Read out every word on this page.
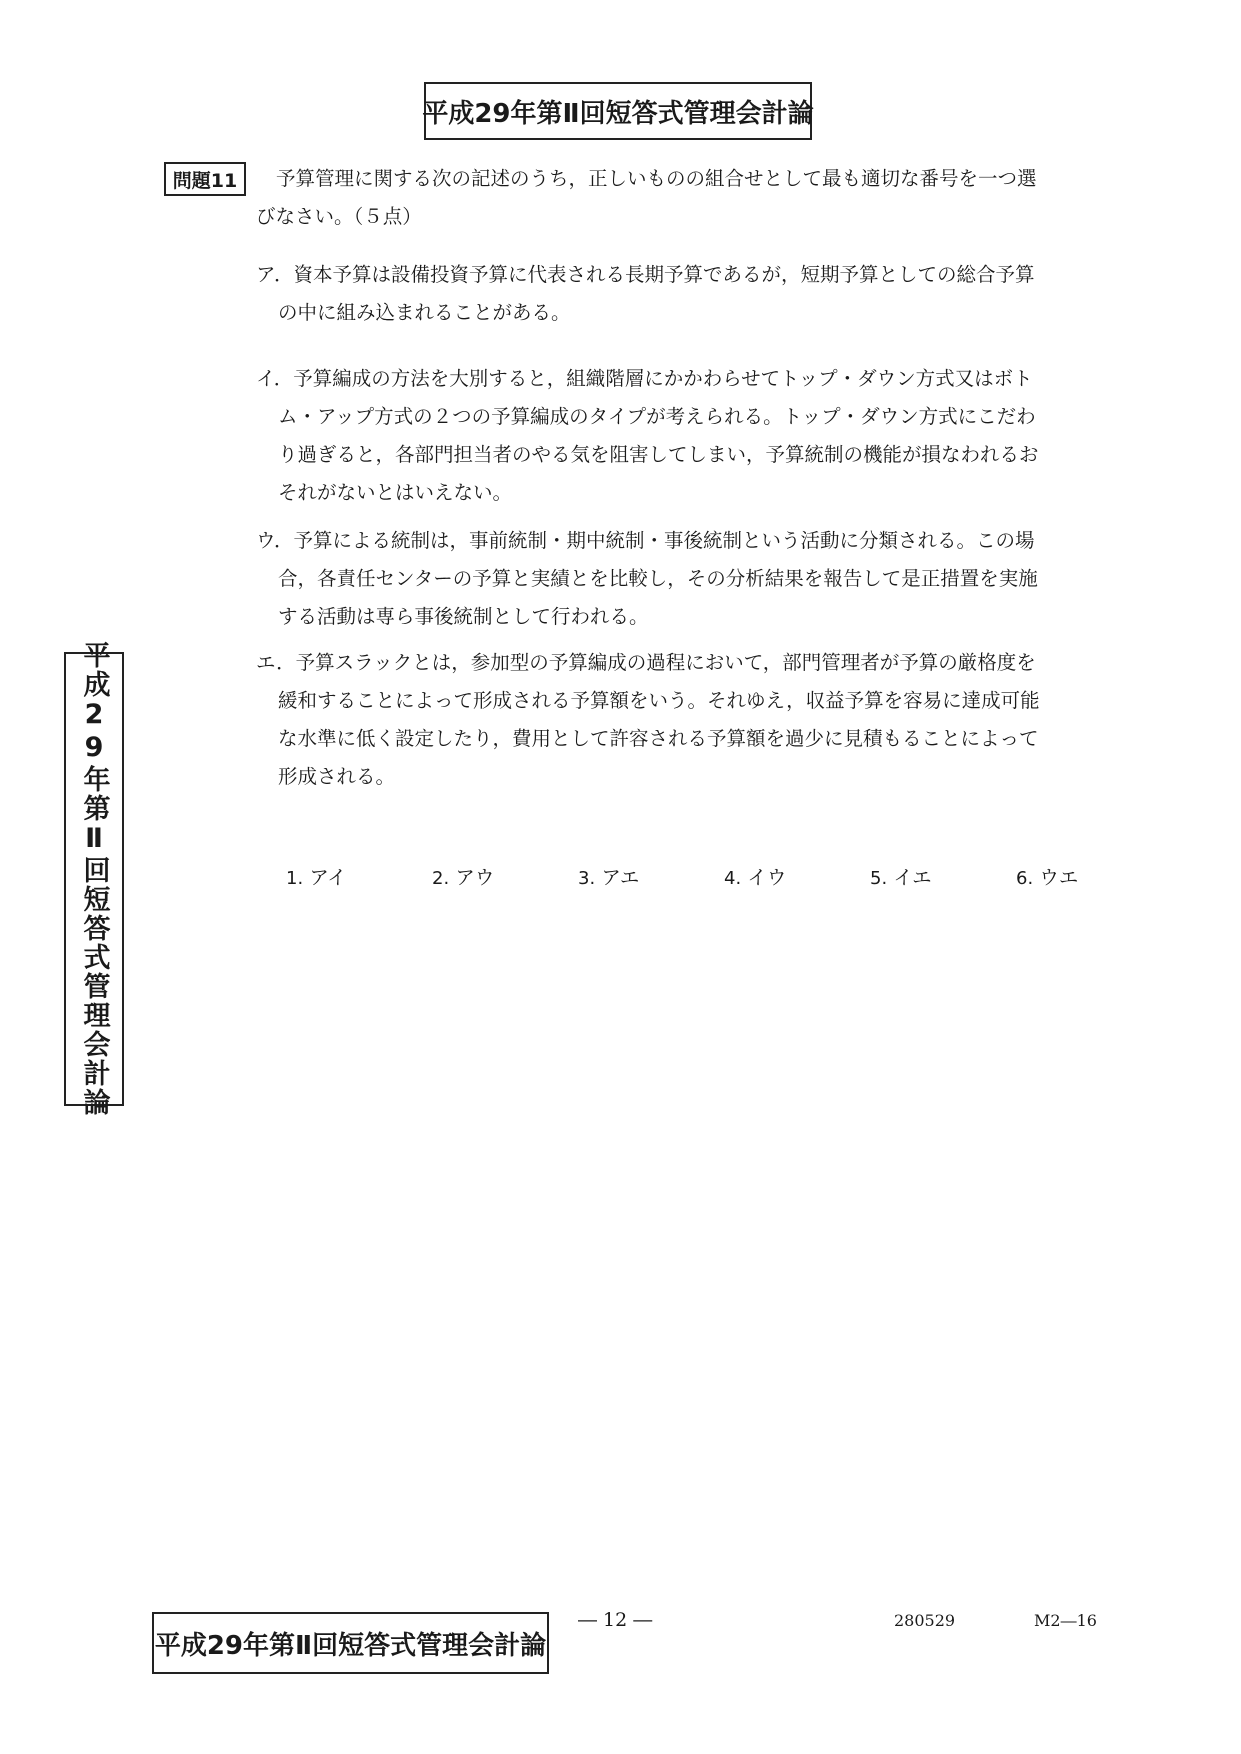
平成29年第Ⅱ回短答式管理会計論
問題11	予算管理に関する次の記述のうち，正しいものの組合せとして最も適切な番号を一つ選
びなさい。（５点）
ア．資本予算は設備投資予算に代表される長期予算であるが，短期予算としての総合予算
の中に組み込まれることがある。
イ．予算編成の方法を大別すると，組織階層にかかわらせてトップ・ダウン方式又はボト
ム・アップ方式の２つの予算編成のタイプが考えられる。トップ・ダウン方式にこだわ
り過ぎると，各部門担当者のやる気を阻害してしまい，予算統制の機能が損なわれるお
それがないとはいえない。
ウ．予算による統制は，事前統制・期中統制・事後統制という活動に分類される。この場
合，各責任センターの予算と実績とを比較し，その分析結果を報告して是正措置を実施
する活動は専ら事後統制として行われる。
エ．予算スラックとは，参加型の予算編成の過程において，部門管理者が予算の厳格度を
緩和することによって形成される予算額をいう。それゆえ，収益予算を容易に達成可能
な水準に低く設定したり，費用として許容される予算額を過少に見積もることによって
形成される。
1. アイ	2. アウ	3. アエ	4. イウ	5. イエ	6. ウエ
平成29年第Ⅱ回短答式管理会計論
平成29年第Ⅱ回短答式管理会計論
― 12 ―	280529	M2―16
